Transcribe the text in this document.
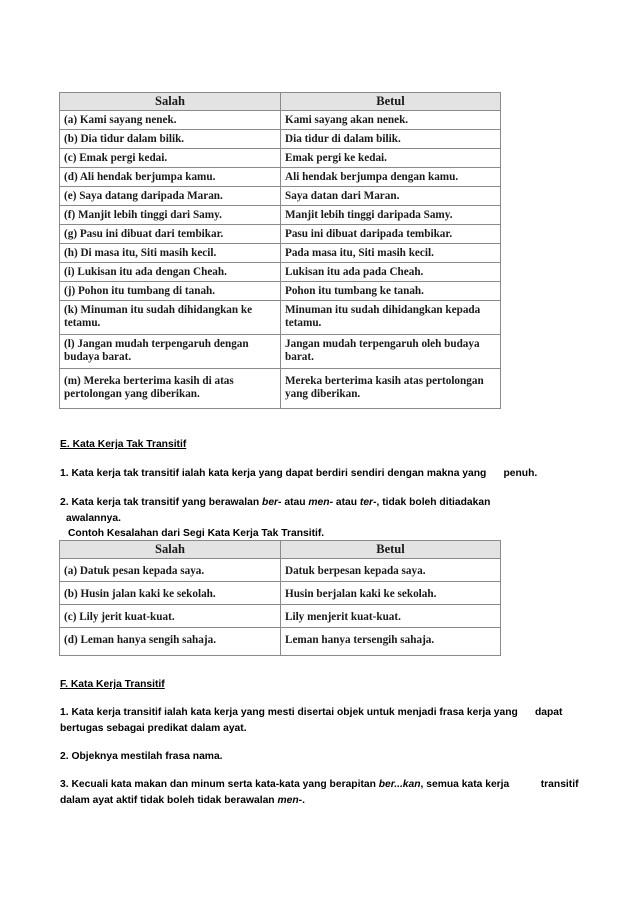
Salah	Betul
(a) Kami sayang nenek.	Kami sayang akan nenek.
(b) Dia tidur dalam bilik.	Dia tidur di dalam bilik.
(c) Emak pergi kedai.	Emak pergi ke kedai.
(d) Ali hendak berjumpa kamu.	Ali hendak berjumpa dengan kamu.
(e) Saya datang daripada Maran.	Saya datan dari Maran.
(f) Manjit lebih tinggi dari Samy.	Manjit lebih tinggi daripada Samy.
(g) Pasu ini dibuat dari tembikar.	Pasu ini dibuat daripada tembikar.
(h) Di masa itu, Siti masih kecil.	Pada masa itu, Siti masih kecil.
(i) Lukisan itu ada dengan Cheah.	Lukisan itu ada pada Cheah.
(j) Pohon itu tumbang di tanah.	Pohon itu tumbang ke tanah.
(k) Minuman itu sudah dihidangkan ke tetamu.	Minuman itu sudah dihidangkan kepada tetamu.
(l) Jangan mudah terpengaruh dengan budaya barat.	Jangan mudah terpengaruh oleh budaya barat.
(m) Mereka berterima kasih di atas pertolongan yang diberikan.	Mereka berterima kasih atas pertolongan yang diberikan.
E. Kata Kerja Tak Transitif
1. Kata kerja tak transitif ialah kata kerja yang dapat berdiri sendiri dengan makna yang      penuh.
2. Kata kerja tak transitif yang berawalan ber- atau men- atau ter-, tidak boleh ditiadakan
awalannya.
Contoh Kesalahan dari Segi Kata Kerja Tak Transitif.
Salah	Betul
(a) Datuk pesan kepada saya.	Datuk berpesan kepada saya.
(b) Husin jalan kaki ke sekolah.	Husin berjalan kaki ke sekolah.
(c) Lily jerit kuat-kuat.	Lily menjerit kuat-kuat.
(d) Leman hanya sengih sahaja.	Leman hanya tersengih sahaja.
F. Kata Kerja Transitif
1. Kata kerja transitif ialah kata kerja yang mesti disertai objek untuk menjadi frasa kerja yang      dapat
bertugas sebagai predikat dalam ayat.
2. Objeknya mestilah frasa nama.
3. Kecuali kata makan dan minum serta kata-kata yang berapitan ber...kan, semua kata kerja           transitif
dalam ayat aktif tidak boleh tidak berawalan men-.
